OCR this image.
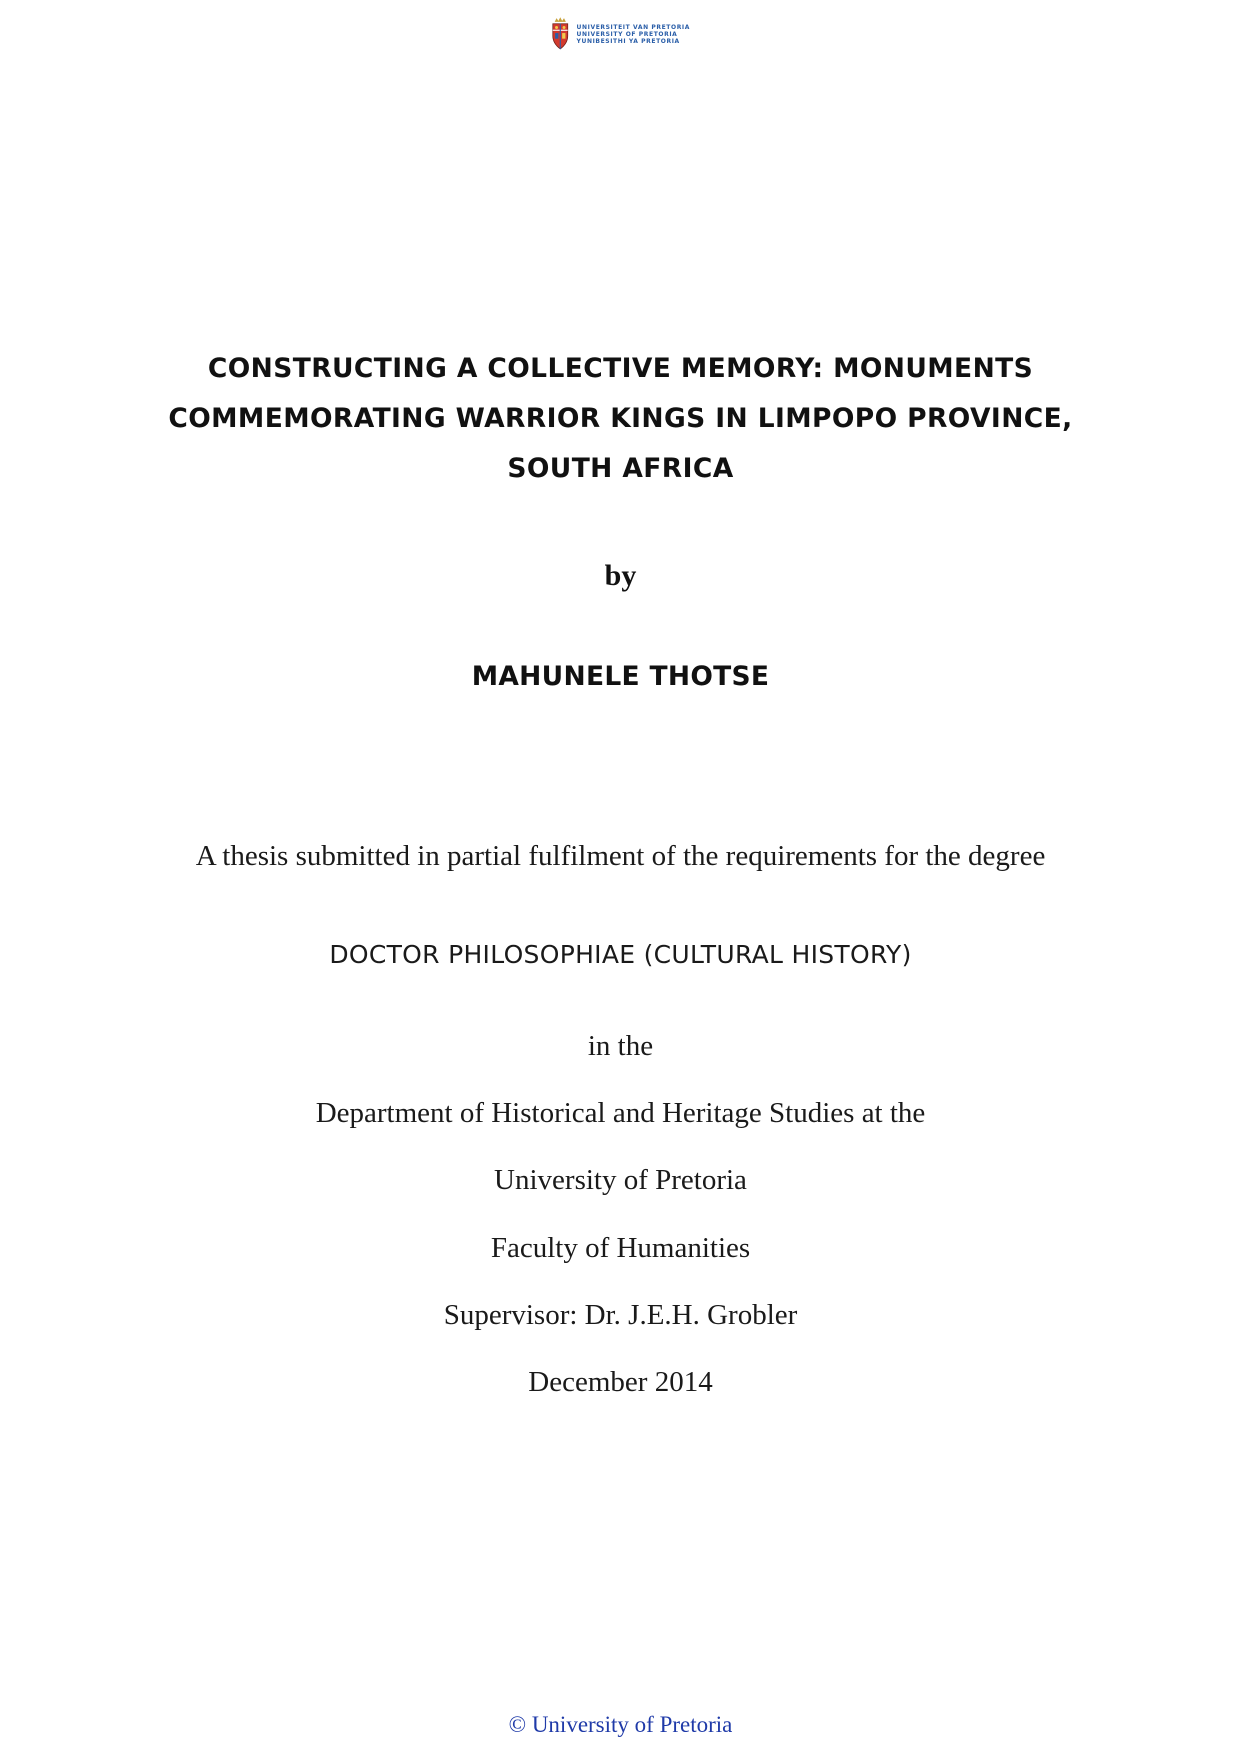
UNIVERSITEIT VAN PRETORIA
UNIVERSITY OF PRETORIA
YUNIBESITHI YA PRETORIA
CONSTRUCTING A COLLECTIVE MEMORY: MONUMENTS
COMMEMORATING WARRIOR KINGS IN LIMPOPO PROVINCE,
SOUTH AFRICA
by
MAHUNELE THOTSE
A thesis submitted in partial fulfilment of the requirements for the degree
DOCTOR PHILOSOPHIAE (CULTURAL HISTORY)
in the
Department of Historical and Heritage Studies at the
University of Pretoria
Faculty of Humanities
Supervisor: Dr. J.E.H. Grobler
December 2014
© University of Pretoria
